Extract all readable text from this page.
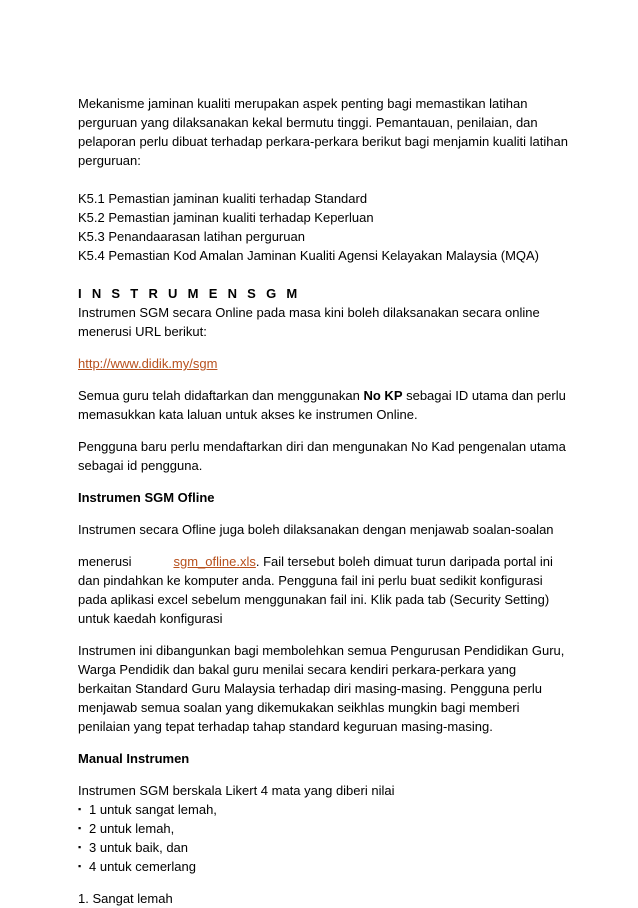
Mekanisme jaminan kualiti merupakan aspek penting bagi memastikan latihan perguruan yang dilaksanakan kekal bermutu tinggi. Pemantauan, penilaian, dan pelaporan perlu dibuat terhadap perkara-perkara berikut bagi menjamin kualiti latihan perguruan:

K5.1 Pemastian jaminan kualiti terhadap Standard

K5.2 Pemastian jaminan kualiti terhadap Keperluan

K5.3 Penandaarasan latihan perguruan

K5.4 Pemastian Kod Amalan Jaminan Kualiti Agensi Kelayakan Malaysia (MQA)

I N S T R U M E N S G M

Instrumen SGM secara Online pada masa kini boleh dilaksanakan secara online menerusi URL berikut:

http://www.didik.my/sgm

Semua guru telah didaftarkan dan menggunakan No KP sebagai ID utama dan perlu memasukkan kata laluan untuk akses ke instrumen Online.

Pengguna baru perlu mendaftarkan diri dan mengunakan No Kad pengenalan utama sebagai id pengguna.

Instrumen SGM Ofline

Instrumen secara Ofline juga boleh dilaksanakan dengan menjawab soalan-soalan

menerusi	sgm_ofline.xls. Fail tersebut boleh dimuat turun daripada portal ini dan pindahkan ke komputer anda. Pengguna fail ini perlu buat sedikit konfigurasi pada aplikasi excel sebelum menggunakan fail ini. Klik pada tab (Security Setting) untuk kaedah konfigurasi

Instrumen ini dibangunkan bagi membolehkan semua Pengurusan Pendidikan Guru, Warga Pendidik dan bakal guru menilai secara kendiri perkara-perkara yang berkaitan Standard Guru Malaysia terhadap diri masing-masing. Pengguna perlu menjawab semua soalan yang dikemukakan seikhlas mungkin bagi memberi penilaian yang tepat terhadap tahap standard keguruan masing-masing.

Manual Instrumen

Instrumen SGM berskala Likert 4 mata yang diberi nilai

▪ 1 untuk sangat lemah,
▪ 2 untuk lemah,
▪ 3 untuk baik, dan
▪ 4 untuk cemerlang

1. Sangat lemah
